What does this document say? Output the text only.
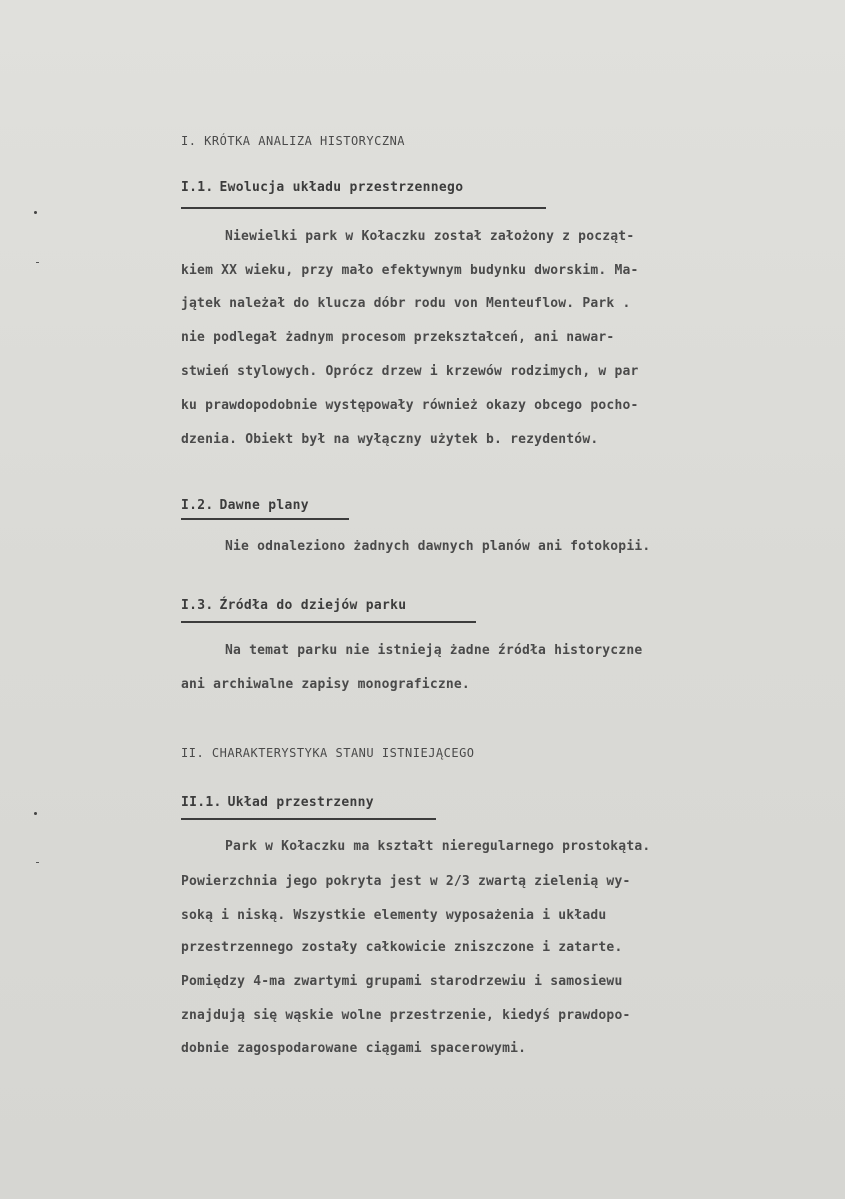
I. KRÓTKA ANALIZA HISTORYCZNA
I.1. Ewolucja układu przestrzennego
Niewielki park w Kołaczku został założony z począt-
kiem XX wieku, przy mało efektywnym budynku dworskim. Ma-
jątek należał do klucza dóbr rodu von Menteuflow. Park .
nie podlegał żadnym procesom przekształceń, ani nawar-
stwień stylowych. Oprócz drzew i krzewów rodzimych, w par
ku prawdopodobnie występowały również okazy obcego pocho-
dzenia. Obiekt był na wyłączny użytek b. rezydentów.
I.2. Dawne plany
Nie odnaleziono żadnych dawnych planów ani fotokopii.
I.3. Źródła do dziejów parku
Na temat parku nie istnieją żadne źródła historyczne
ani archiwalne zapisy monograficzne.
II. CHARAKTERYSTYKA STANU ISTNIEJĄCEGO
II.1. Układ przestrzenny
Park w Kołaczku ma kształt nieregularnego prostokąta.
Powierzchnia jego pokryta jest w 2/3 zwartą zielenią wy-
soką i niską. Wszystkie elementy wyposażenia i układu
przestrzennego zostały całkowicie zniszczone i zatarte.
Pomiędzy 4-ma zwartymi grupami starodrzewiu i samosiewu
znajdują się wąskie wolne przestrzenie, kiedyś prawdopo-
dobnie zagospodarowane ciągami spacerowymi.
